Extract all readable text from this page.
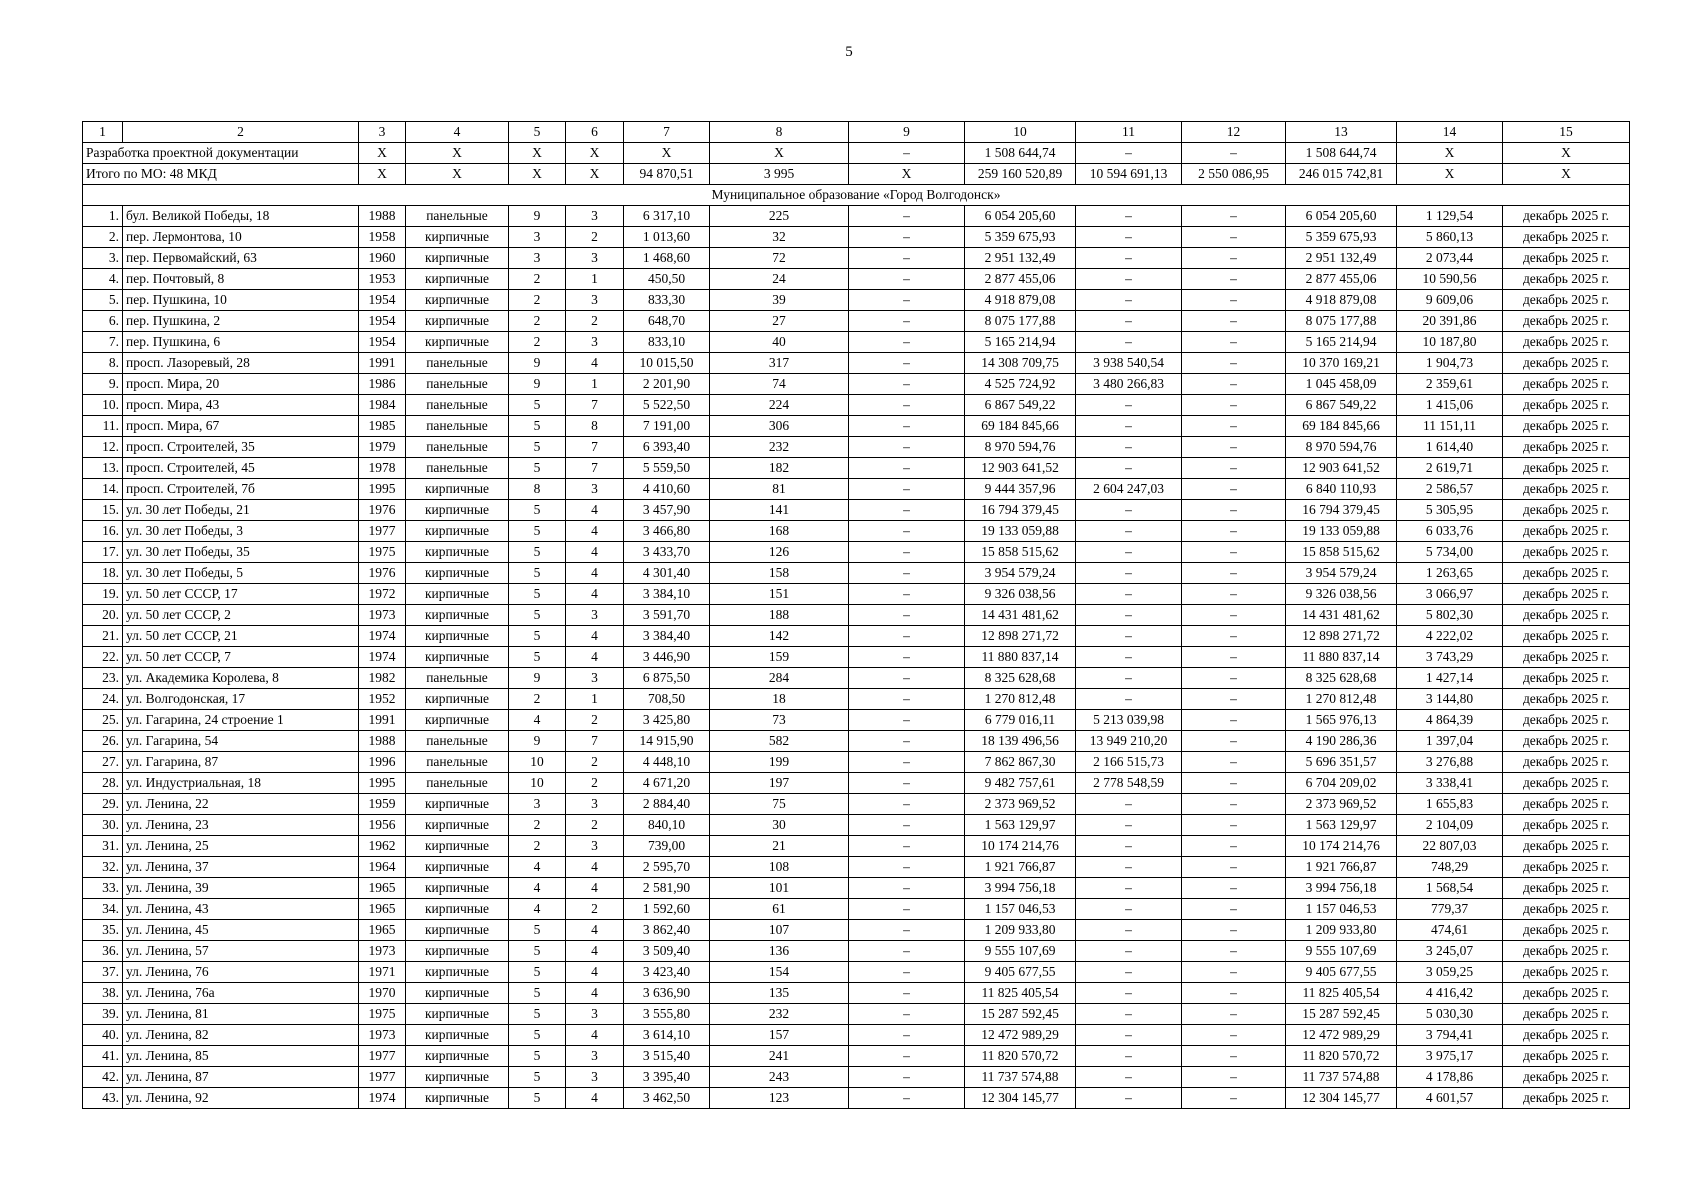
5
1	2	3	4	5	6	7	8	9	10	11	12	13	14	15
Разработка проектной документации		X	X	X	X	X	X	–	1 508 644,74	–	–	1 508 644,74	X	X
Итого по МО: 48 МКД		X	X	X	X	94 870,51	3 995	X	259 160 520,89	10 594 691,13	2 550 086,95	246 015 742,81	X	X
Муниципальное образование «Город Волгодонск»														
1.	бул. Великой Победы, 18	1988	панельные	9	3	6 317,10	225	–	6 054 205,60	–	–	6 054 205,60	1 129,54	декабрь 2025 г.
2.	пер. Лермонтова, 10	1958	кирпичные	3	2	1 013,60	32	–	5 359 675,93	–	–	5 359 675,93	5 860,13	декабрь 2025 г.
3.	пер. Первомайский, 63	1960	кирпичные	3	3	1 468,60	72	–	2 951 132,49	–	–	2 951 132,49	2 073,44	декабрь 2025 г.
4.	пер. Почтовый, 8	1953	кирпичные	2	1	450,50	24	–	2 877 455,06	–	–	2 877 455,06	10 590,56	декабрь 2025 г.
5.	пер. Пушкина, 10	1954	кирпичные	2	3	833,30	39	–	4 918 879,08	–	–	4 918 879,08	9 609,06	декабрь 2025 г.
6.	пер. Пушкина, 2	1954	кирпичные	2	2	648,70	27	–	8 075 177,88	–	–	8 075 177,88	20 391,86	декабрь 2025 г.
7.	пер. Пушкина, 6	1954	кирпичные	2	3	833,10	40	–	5 165 214,94	–	–	5 165 214,94	10 187,80	декабрь 2025 г.
8.	просп. Лазоревый, 28	1991	панельные	9	4	10 015,50	317	–	14 308 709,75	3 938 540,54	–	10 370 169,21	1 904,73	декабрь 2025 г.
9.	просп. Мира, 20	1986	панельные	9	1	2 201,90	74	–	4 525 724,92	3 480 266,83	–	1 045 458,09	2 359,61	декабрь 2025 г.
10.	просп. Мира, 43	1984	панельные	5	7	5 522,50	224	–	6 867 549,22	–	–	6 867 549,22	1 415,06	декабрь 2025 г.
11.	просп. Мира, 67	1985	панельные	5	8	7 191,00	306	–	69 184 845,66	–	–	69 184 845,66	11 151,11	декабрь 2025 г.
12.	просп. Строителей, 35	1979	панельные	5	7	6 393,40	232	–	8 970 594,76	–	–	8 970 594,76	1 614,40	декабрь 2025 г.
13.	просп. Строителей, 45	1978	панельные	5	7	5 559,50	182	–	12 903 641,52	–	–	12 903 641,52	2 619,71	декабрь 2025 г.
14.	просп. Строителей, 7б	1995	кирпичные	8	3	4 410,60	81	–	9 444 357,96	2 604 247,03	–	6 840 110,93	2 586,57	декабрь 2025 г.
15.	ул. 30 лет Победы, 21	1976	кирпичные	5	4	3 457,90	141	–	16 794 379,45	–	–	16 794 379,45	5 305,95	декабрь 2025 г.
16.	ул. 30 лет Победы, 3	1977	кирпичные	5	4	3 466,80	168	–	19 133 059,88	–	–	19 133 059,88	6 033,76	декабрь 2025 г.
17.	ул. 30 лет Победы, 35	1975	кирпичные	5	4	3 433,70	126	–	15 858 515,62	–	–	15 858 515,62	5 734,00	декабрь 2025 г.
18.	ул. 30 лет Победы, 5	1976	кирпичные	5	4	4 301,40	158	–	3 954 579,24	–	–	3 954 579,24	1 263,65	декабрь 2025 г.
19.	ул. 50 лет СССР, 17	1972	кирпичные	5	4	3 384,10	151	–	9 326 038,56	–	–	9 326 038,56	3 066,97	декабрь 2025 г.
20.	ул. 50 лет СССР, 2	1973	кирпичные	5	3	3 591,70	188	–	14 431 481,62	–	–	14 431 481,62	5 802,30	декабрь 2025 г.
21.	ул. 50 лет СССР, 21	1974	кирпичные	5	4	3 384,40	142	–	12 898 271,72	–	–	12 898 271,72	4 222,02	декабрь 2025 г.
22.	ул. 50 лет СССР, 7	1974	кирпичные	5	4	3 446,90	159	–	11 880 837,14	–	–	11 880 837,14	3 743,29	декабрь 2025 г.
23.	ул. Академика Королева, 8	1982	панельные	9	3	6 875,50	284	–	8 325 628,68	–	–	8 325 628,68	1 427,14	декабрь 2025 г.
24.	ул. Волгодонская, 17	1952	кирпичные	2	1	708,50	18	–	1 270 812,48	–	–	1 270 812,48	3 144,80	декабрь 2025 г.
25.	ул. Гагарина, 24 строение 1	1991	кирпичные	4	2	3 425,80	73	–	6 779 016,11	5 213 039,98	–	1 565 976,13	4 864,39	декабрь 2025 г.
26.	ул. Гагарина, 54	1988	панельные	9	7	14 915,90	582	–	18 139 496,56	13 949 210,20	–	4 190 286,36	1 397,04	декабрь 2025 г.
27.	ул. Гагарина, 87	1996	панельные	10	2	4 448,10	199	–	7 862 867,30	2 166 515,73	–	5 696 351,57	3 276,88	декабрь 2025 г.
28.	ул. Индустриальная, 18	1995	панельные	10	2	4 671,20	197	–	9 482 757,61	2 778 548,59	–	6 704 209,02	3 338,41	декабрь 2025 г.
29.	ул. Ленина, 22	1959	кирпичные	3	3	2 884,40	75	–	2 373 969,52	–	–	2 373 969,52	1 655,83	декабрь 2025 г.
30.	ул. Ленина, 23	1956	кирпичные	2	2	840,10	30	–	1 563 129,97	–	–	1 563 129,97	2 104,09	декабрь 2025 г.
31.	ул. Ленина, 25	1962	кирпичные	2	3	739,00	21	–	10 174 214,76	–	–	10 174 214,76	22 807,03	декабрь 2025 г.
32.	ул. Ленина, 37	1964	кирпичные	4	4	2 595,70	108	–	1 921 766,87	–	–	1 921 766,87	748,29	декабрь 2025 г.
33.	ул. Ленина, 39	1965	кирпичные	4	4	2 581,90	101	–	3 994 756,18	–	–	3 994 756,18	1 568,54	декабрь 2025 г.
34.	ул. Ленина, 43	1965	кирпичные	4	2	1 592,60	61	–	1 157 046,53	–	–	1 157 046,53	779,37	декабрь 2025 г.
35.	ул. Ленина, 45	1965	кирпичные	5	4	3 862,40	107	–	1 209 933,80	–	–	1 209 933,80	474,61	декабрь 2025 г.
36.	ул. Ленина, 57	1973	кирпичные	5	4	3 509,40	136	–	9 555 107,69	–	–	9 555 107,69	3 245,07	декабрь 2025 г.
37.	ул. Ленина, 76	1971	кирпичные	5	4	3 423,40	154	–	9 405 677,55	–	–	9 405 677,55	3 059,25	декабрь 2025 г.
38.	ул. Ленина, 76а	1970	кирпичные	5	4	3 636,90	135	–	11 825 405,54	–	–	11 825 405,54	4 416,42	декабрь 2025 г.
39.	ул. Ленина, 81	1975	кирпичные	5	3	3 555,80	232	–	15 287 592,45	–	–	15 287 592,45	5 030,30	декабрь 2025 г.
40.	ул. Ленина, 82	1973	кирпичные	5	4	3 614,10	157	–	12 472 989,29	–	–	12 472 989,29	3 794,41	декабрь 2025 г.
41.	ул. Ленина, 85	1977	кирпичные	5	3	3 515,40	241	–	11 820 570,72	–	–	11 820 570,72	3 975,17	декабрь 2025 г.
42.	ул. Ленина, 87	1977	кирпичные	5	3	3 395,40	243	–	11 737 574,88	–	–	11 737 574,88	4 178,86	декабрь 2025 г.
43.	ул. Ленина, 92	1974	кирпичные	5	4	3 462,50	123	–	12 304 145,77	–	–	12 304 145,77	4 601,57	декабрь 2025 г.
